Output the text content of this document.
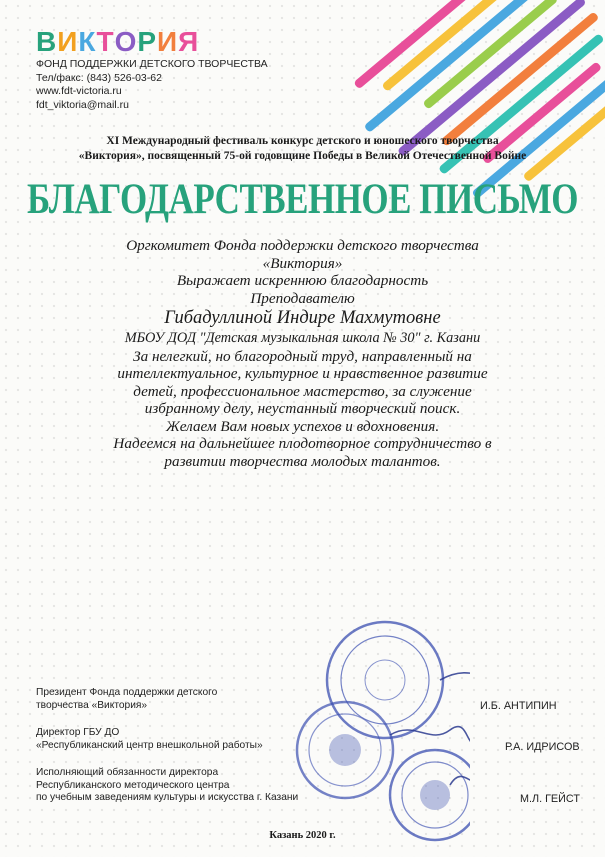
ВИКТОРИЯ
ФОНД ПОДДЕРЖКИ ДЕТСКОГО ТВОРЧЕСТВА
Тел/факс: (843) 526-03-62
www.fdt-victoria.ru
fdt_viktoria@mail.ru
XI Международный фестиваль конкурс детского и юношеского творчества
«Виктория», посвященный 75-ой годовщине Победы в Великой Отечественной Войне
БЛАГОДАРСТВЕННОЕ ПИСЬМО
Оргкомитет Фонда поддержки детского творчества
«Виктория»
Выражает искреннюю благодарность
Преподавателю
Гибадуллиной Индире Махмутовне
МБОУ ДОД "Детская музыкальная школа № 30" г. Казани
За нелегкий, но благородный труд, направленный на
интеллектуальное, культурное и нравственное развитие
детей, профессиональное мастерство, за служение
избранному делу, неустанный творческий поиск.
Желаем Вам новых успехов и вдохновения.
Надеемся на дальнейшее плодотворное сотрудничество в
развитии творчества молодых талантов.
Президент Фонда поддержки детского
творчества «Виктория»	И.Б. АНТИПИН
Директор ГБУ ДО
«Республиканский центр внешкольной работы»	Р.А. ИДРИСОВ
Исполняющий обязанности директора
Республиканского методического центра
по учебным заведениям культуры и искусства г. Казани	М.Л. ГЕЙСТ
Казань 2020 г.
